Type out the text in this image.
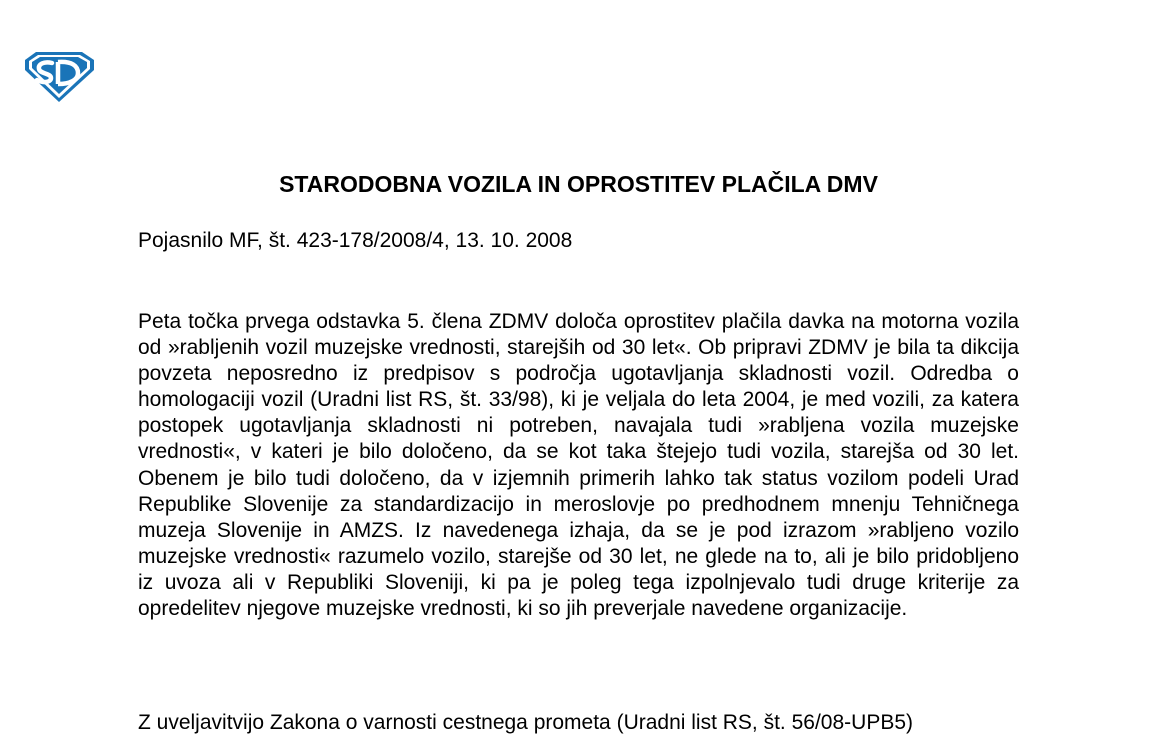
STARODOBNA VOZILA IN OPROSTITEV PLAČILA DMV

Pojasnilo MF, št. 423-178/2008/4, 13. 10. 2008

Peta točka prvega odstavka 5. člena ZDMV določa oprostitev plačila davka na motorna vozila od »rabljenih vozil muzejske vrednosti, starejših od 30 let«. Ob pripravi ZDMV je bila ta dikcija povzeta neposredno iz predpisov s področja ugotavljanja skladnosti vozil. Odredba o homologaciji vozil (Uradni list RS, št. 33/98), ki je veljala do leta 2004, je med vozili, za katera postopek ugotavljanja skladnosti ni potreben, navajala tudi »rabljena vozila muzejske vrednosti«, v kateri je bilo določeno, da se kot taka štejejo tudi vozila, starejša od 30 let. Obenem je bilo tudi določeno, da v izjemnih primerih lahko tak status vozilom podeli Urad Republike Slovenije za standardizacijo in meroslovje po predhodnem mnenju Tehničnega muzeja Slovenije in AMZS. Iz navedenega izhaja, da se je pod izrazom »rabljeno vozilo muzejske vrednosti« razumelo vozilo, starejše od 30 let, ne glede na to, ali je bilo pridobljeno iz uvoza ali v Republiki Sloveniji, ki pa je poleg tega izpolnjevalo tudi druge kriterije za opredelitev njegove muzejske vrednosti, ki so jih preverjale navedene organizacije.

Z uveljavitvijo Zakona o varnosti cestnega prometa (Uradni list RS, št. 56/08-UPB5)
